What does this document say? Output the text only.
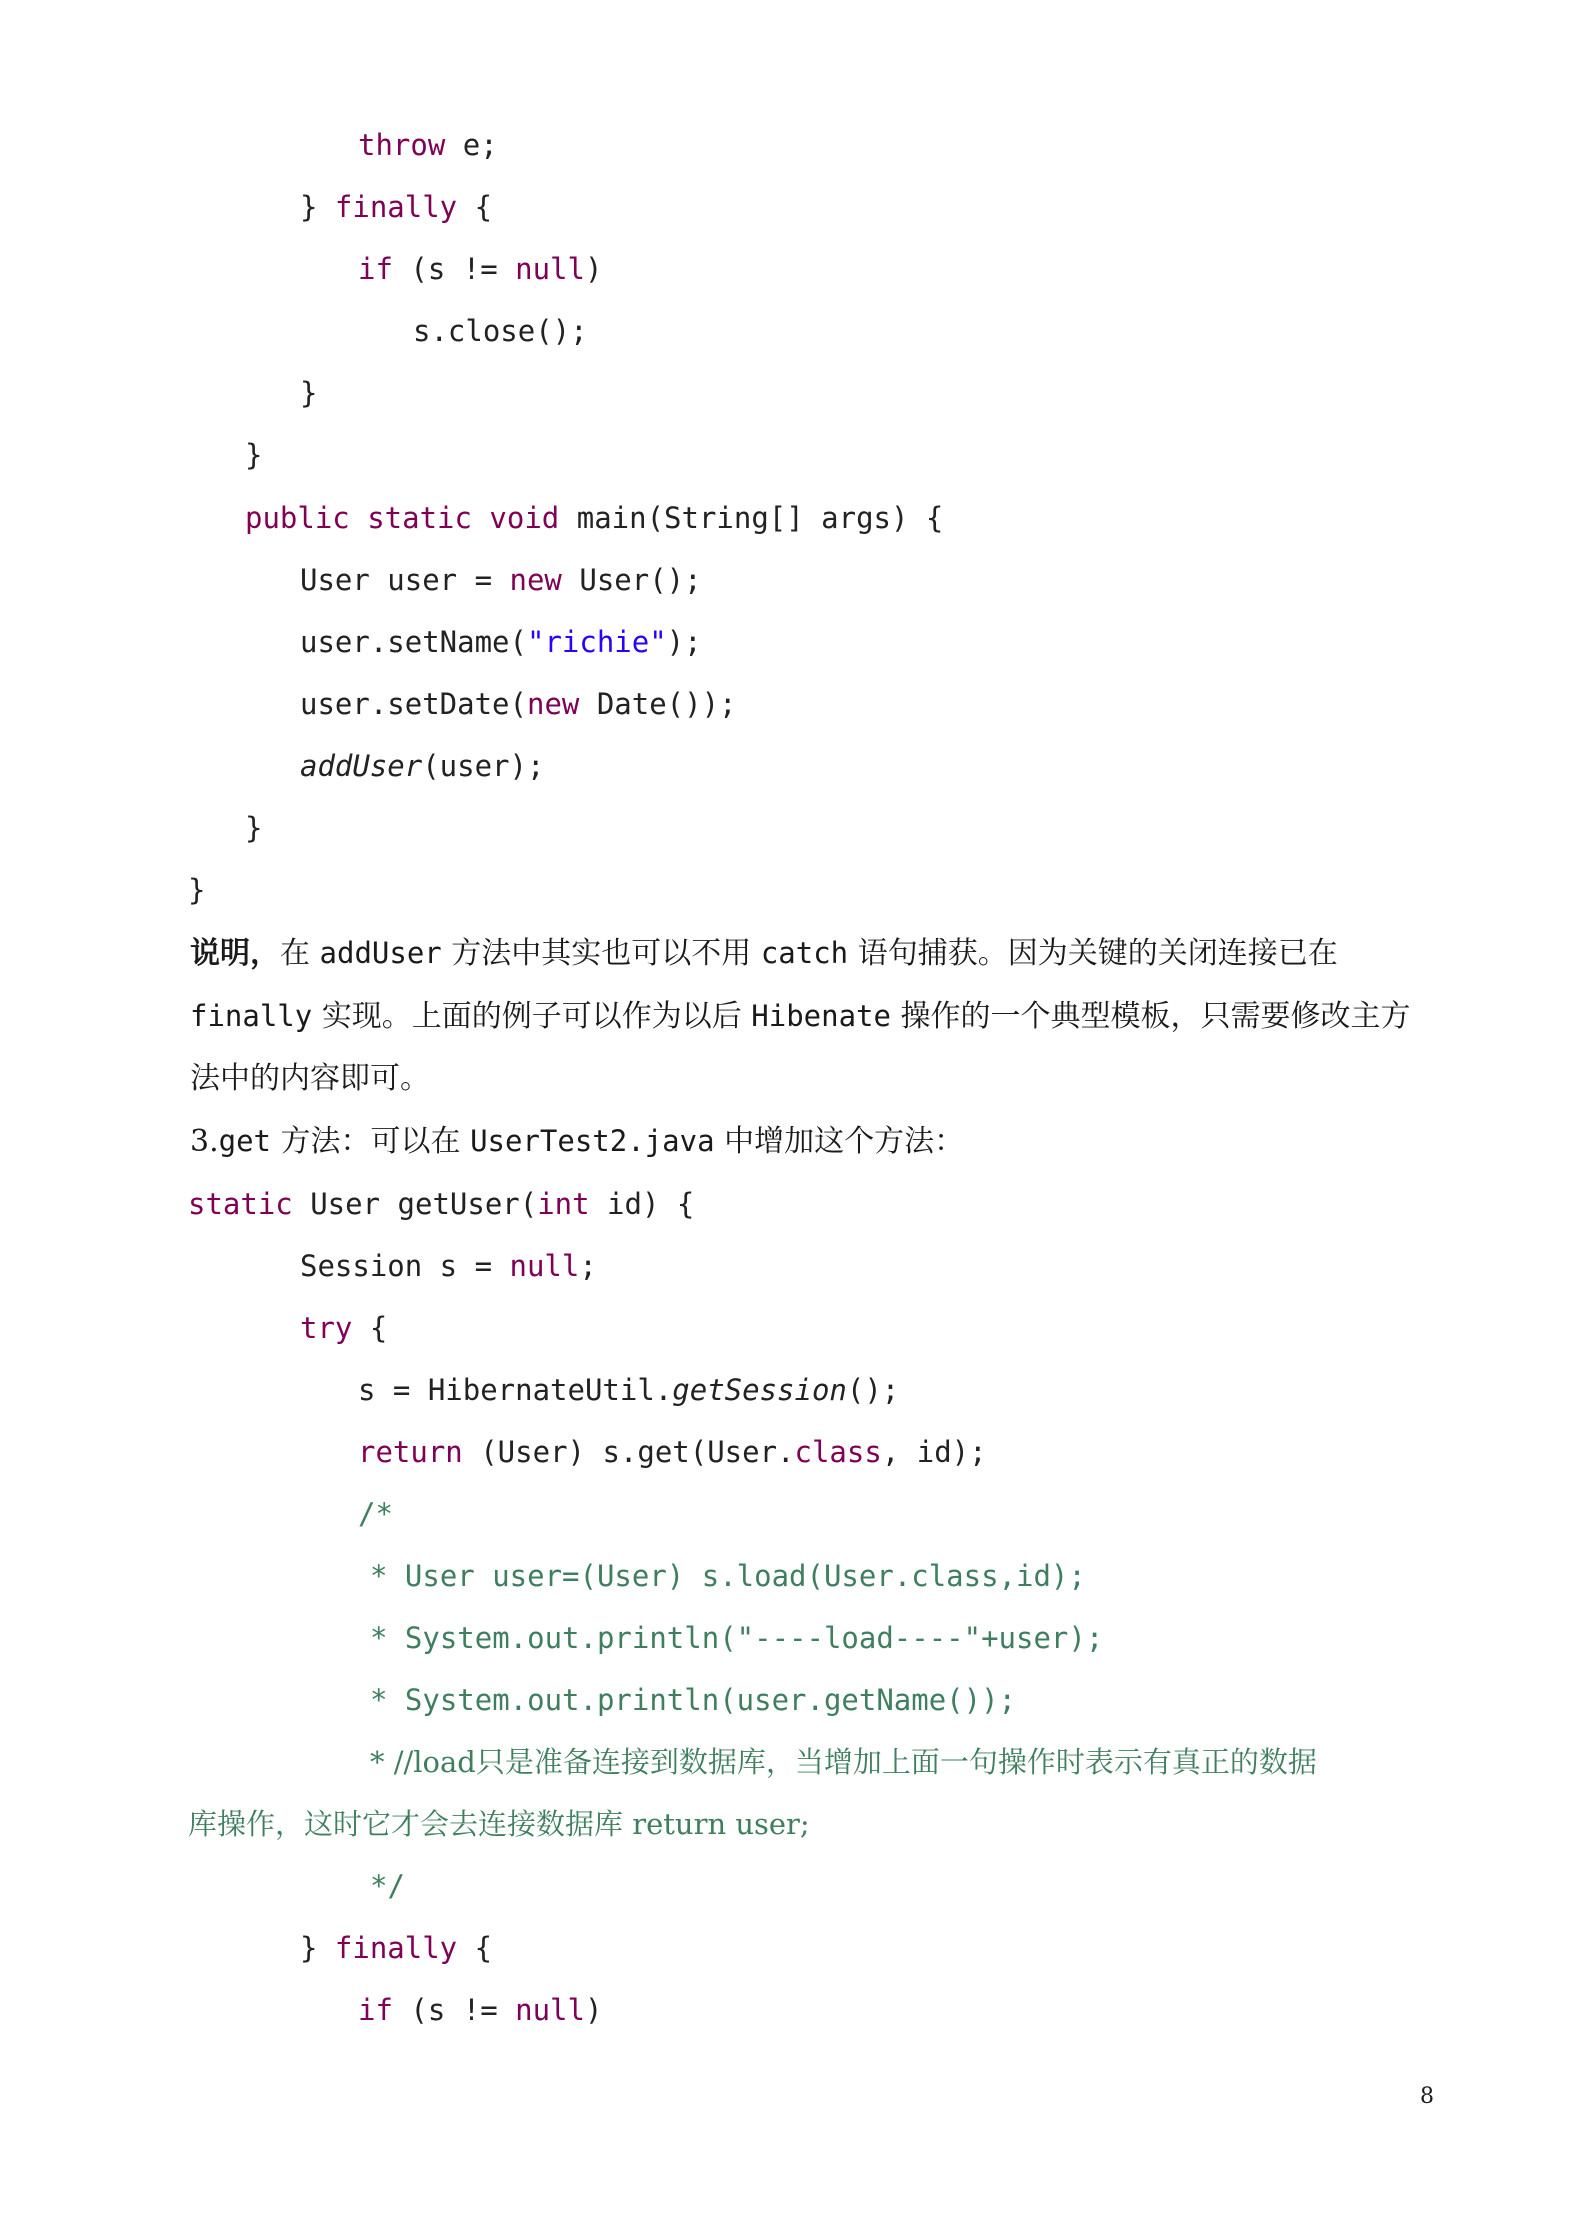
throw e;
} finally {
if (s != null)
s.close();
}
}
public static void main(String[] args) {
User user = new User();
user.setName("richie");
user.setDate(new Date());
addUser(user);
}
}
说明，在 addUser 方法中其实也可以不用 catch 语句捕获。因为关键的关闭连接已在 finally 实现。上面的例子可以作为以后 Hibenate 操作的一个典型模板，只需要修改主方法中的内容即可。
3.get 方法：可以在 UserTest2.java 中增加这个方法：
static User getUser(int id) {
Session s = null;
try {
s = HibernateUtil.getSession();
return (User) s.get(User.class, id);
/*
* User user=(User) s.load(User.class,id);
* System.out.println("----load----"+user);
* System.out.println(user.getName());
* //load只是准备连接到数据库，当增加上面一句操作时表示有真正的数据
库操作，这时它才会去连接数据库 return user;
*/
} finally {
if (s != null)
8
